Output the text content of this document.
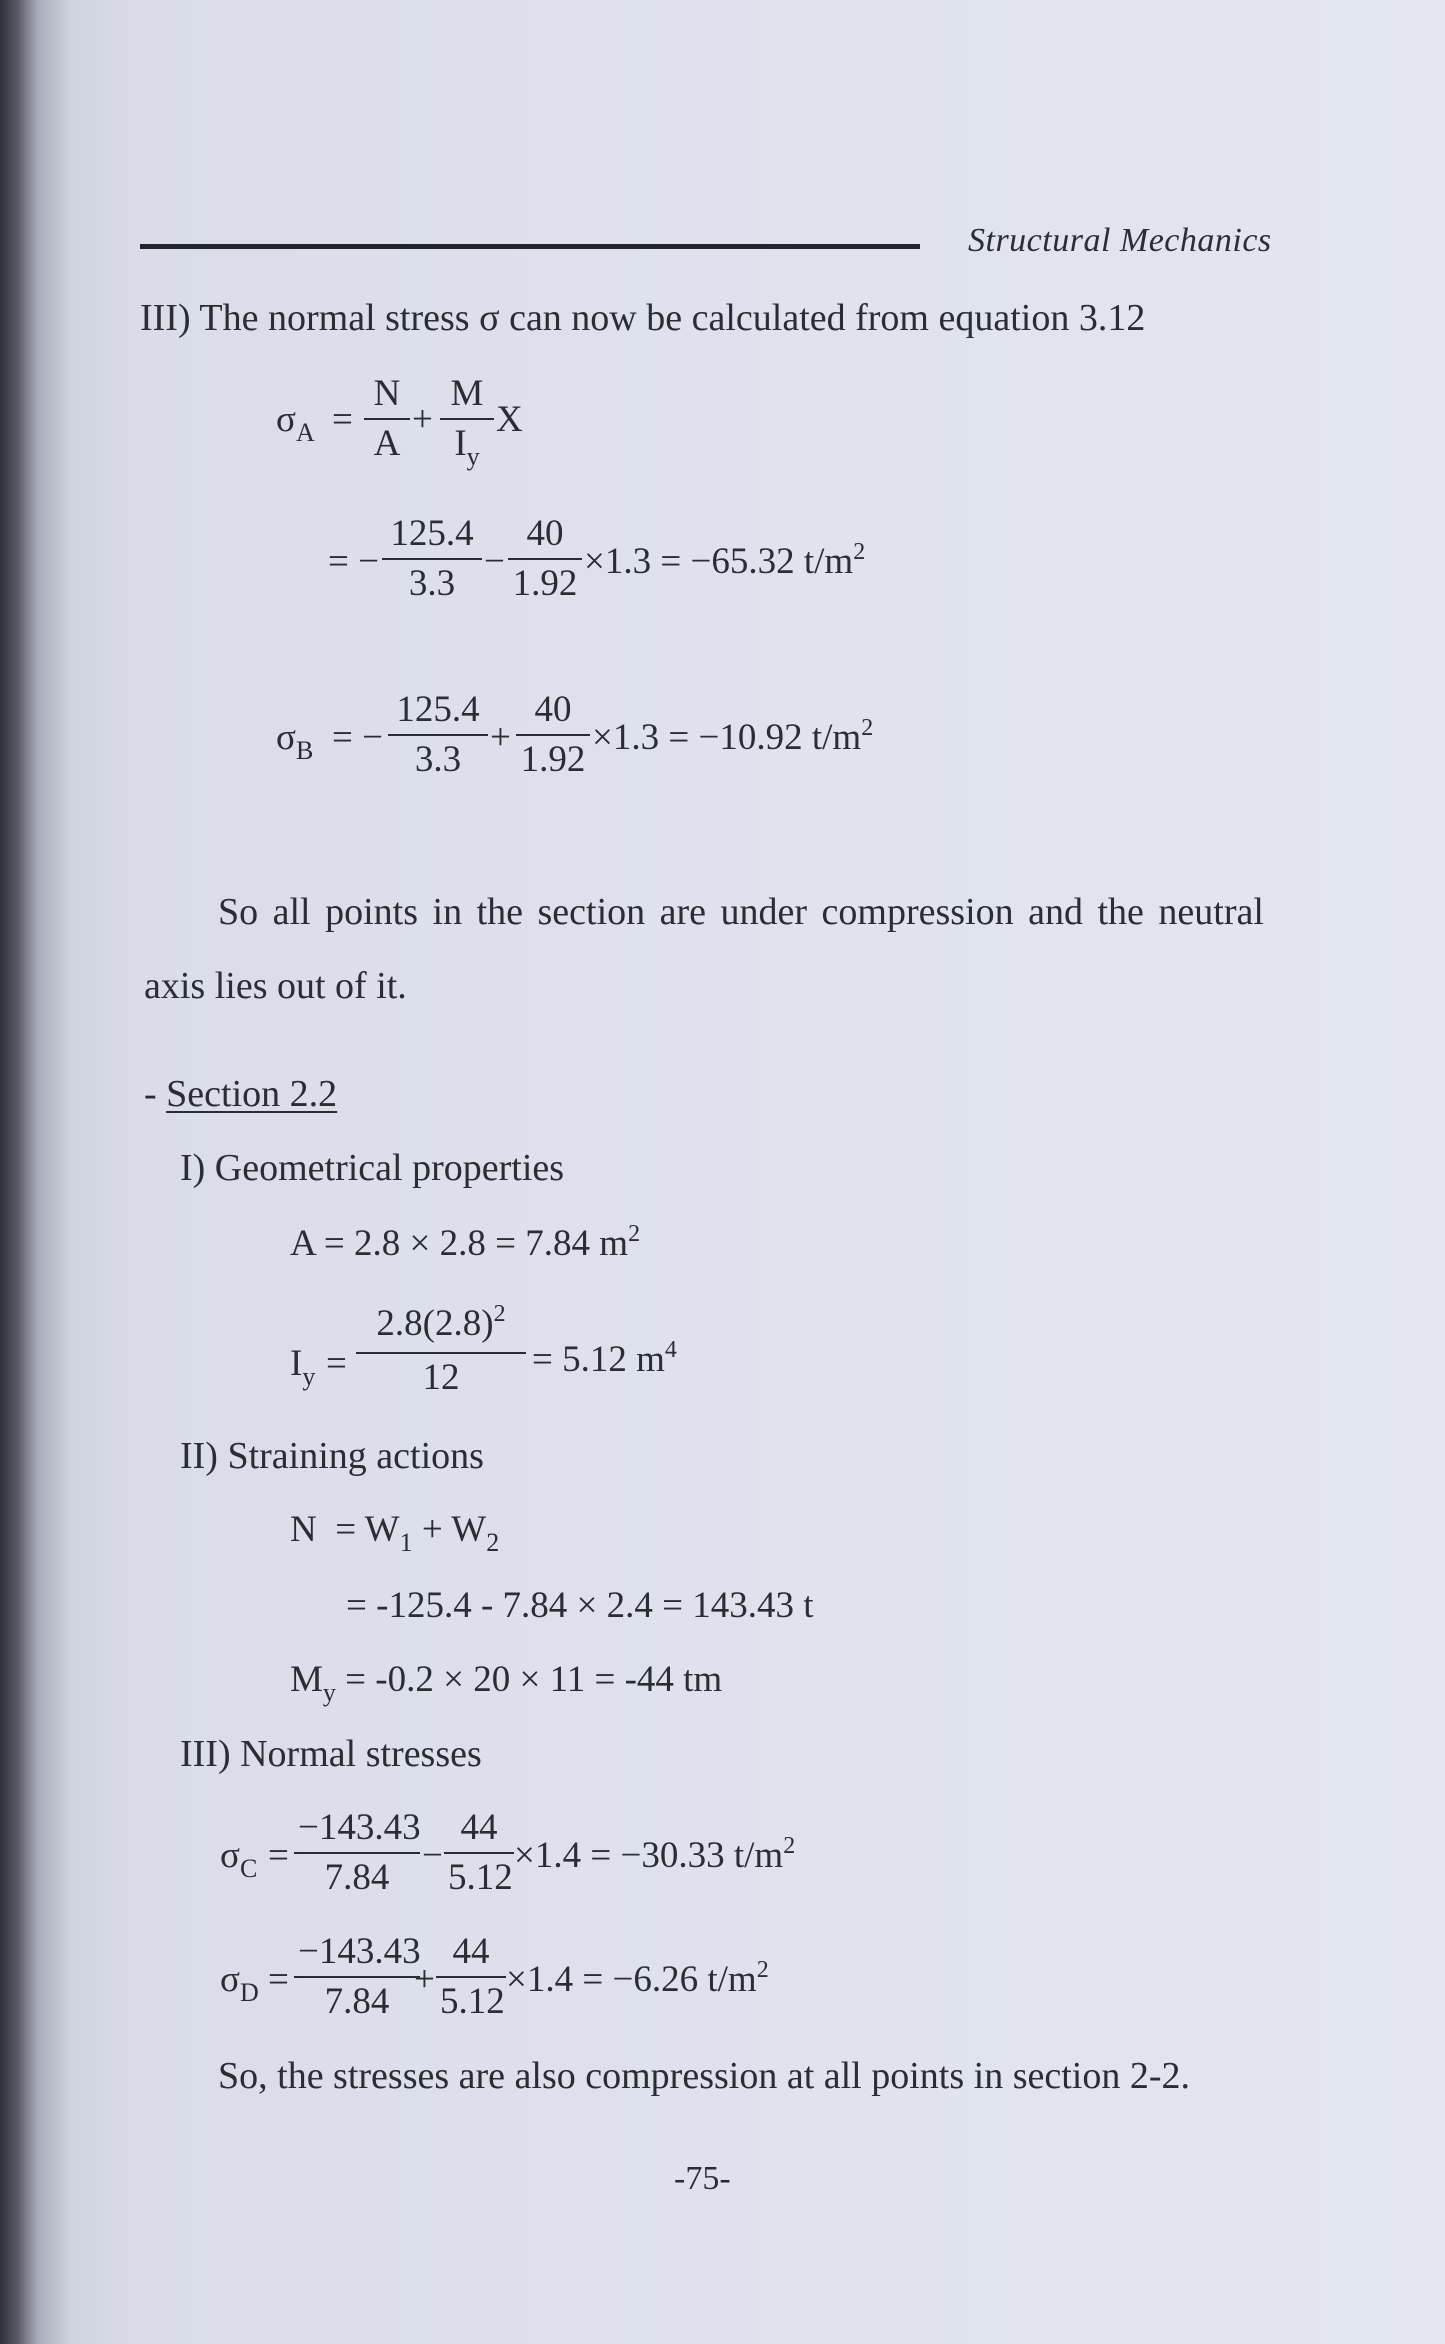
Structural Mechanics
III) The normal stress σ can now be calculated from equation 3.12
$\sigma_A$ =
N
A
+
M
$I_y$
X
= −
125.4
3.3
−
40
1.92
×1.3 = −65.32 $t/m^2$
$\sigma_B$ = −
125.4
3.3
+
40
1.92
×1.3 = −10.92 $t/m^2$
So all points in the section are under compression and the neutral
axis lies out of it.
- Section 2.2
I) Geometrical properties
A = 2.8 × 2.8 = 7.84 $m^2$
$I_y$ =
$2.8(2.8)^2$
12	= 5.12 $m^4$
II) Straining actions
$N = W_1 + W_2$
= -125.4 - 7.84 × 2.4 = 143.43 t
$M_y = -0.2 \times 20 \times 11 = -44$ tm
III) Normal stresses
$\sigma_C$ =
−143.43
7.84
−
44
5.12
×1.4 = −30.33 $t/m^2$
$\sigma_D$ =
−143.43
7.84
+
44
5.12
×1.4 = −6.26 $t/m^2$
So, the stresses are also compression at all points in section 2-2.
-75-
